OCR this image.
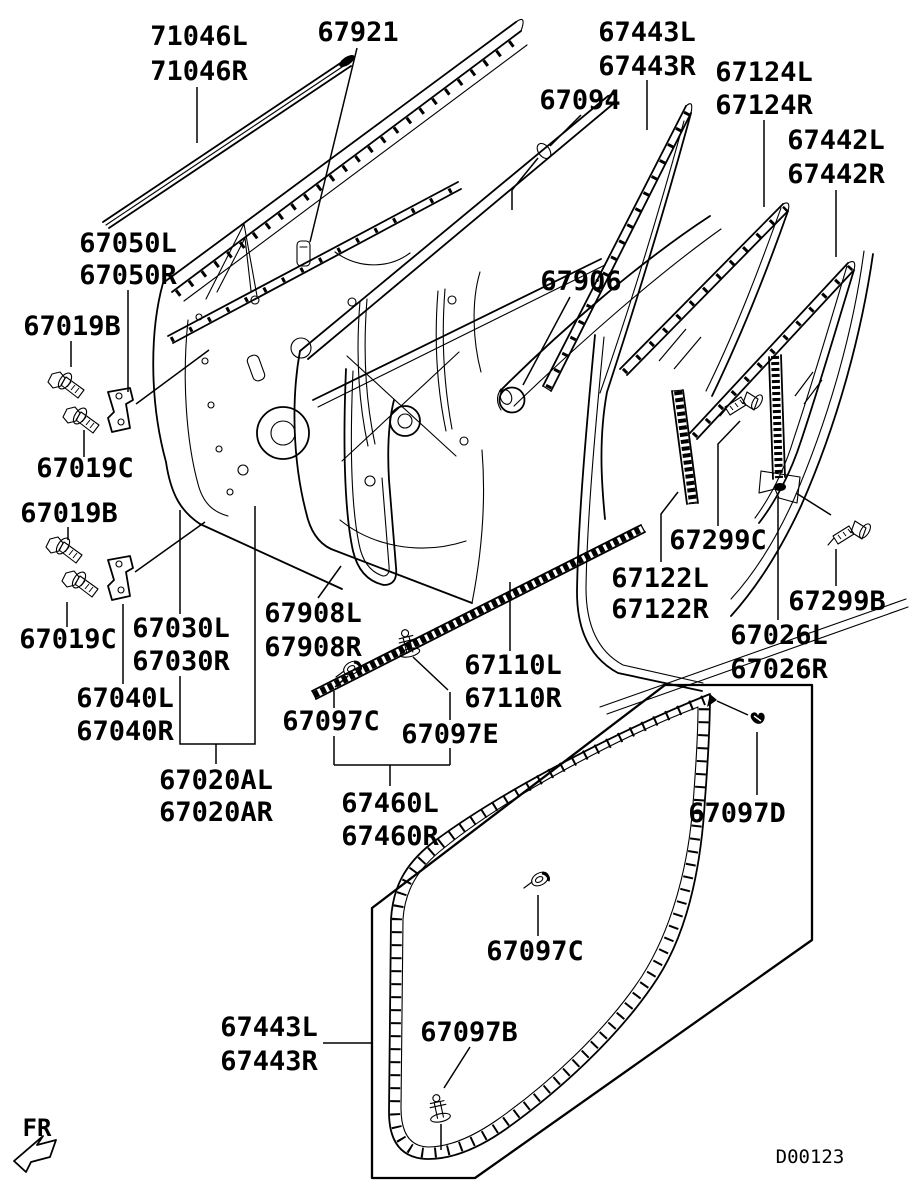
71046L
71046R
67921	67443L
67443R
67094
67124L
67124R
67442L
67442R
67050L
67050R	67906
67019B
67019C
67019B
67019C 67030L
67030R
67040L
67040R
67020AL
67020AR
67908L
67908R
67097C 67097E
67110L
67110R
67460L
67460R
67122L
67122R
67299C
67299B
67026L
67026R
67097D
67097C
67097B
67443L
67443R
FR
D00123
